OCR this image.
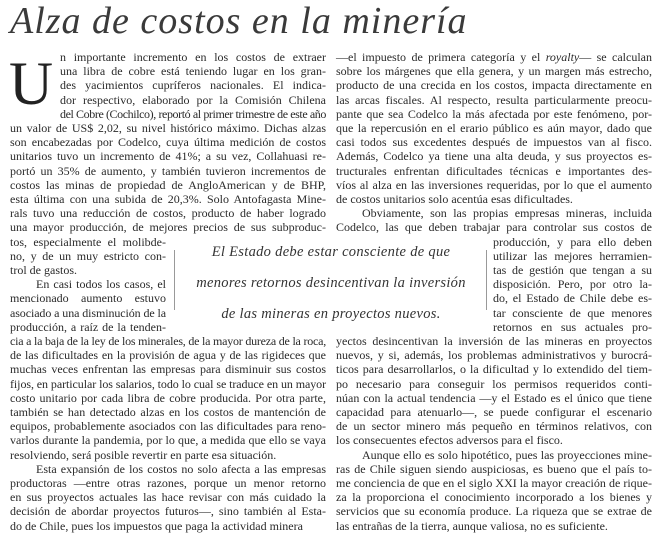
Alza de costos en la minería
U n importante incremento en los costos de extraer
una libra de cobre está teniendo lugar en los gran-
des yacimientos cupríferos nacionales. El indica-
dor respectivo, elaborado por la Comisión Chilena
del Cobre (Cochilco), reportó al primer trimestre de este año
un valor de US$ 2,02, su nivel histórico máximo. Dichas alzas
son encabezadas por Codelco, cuya última medición de costos
unitarios tuvo un incremento de 41%; a su vez, Collahuasi re-
portó un 35% de aumento, y también tuvieron incrementos de
costos las minas de propiedad de AngloAmerican y de BHP,
esta última con una subida de 20,3%. Solo Antofagasta Mine-
rals tuvo una reducción de costos, producto de haber logrado
una mayor producción, de mejores precios de sus subproduc-
tos, especialmente el molibde-
no, y de un muy estricto con-
trol de gastos.
En casi todos los casos, el
mencionado aumento estuvo
asociado a una disminución de la
producción, a raíz de la tenden-
cia a la baja de la ley de los minerales, de la mayor dureza de la roca,
de las dificultades en la provisión de agua y de las rigideces que
muchas veces enfrentan las empresas para disminuir sus costos
fijos, en particular los salarios, todo lo cual se traduce en un mayor
costo unitario por cada libra de cobre producida. Por otra parte,
también se han detectado alzas en los costos de mantención de
equipos, probablemente asociados con las dificultades para reno-
varlos durante la pandemia, por lo que, a medida que ello se vaya
resolviendo, será posible revertir en parte esa situación.
Esta expansión de los costos no solo afecta a las empresas
productoras —entre otras razones, porque un menor retorno
en sus proyectos actuales las hace revisar con más cuidado la
decisión de abordar proyectos futuros—, sino también al Esta-
do de Chile, pues los impuestos que paga la actividad minera
—el impuesto de primera categoría y el royalty— se calculan
sobre los márgenes que ella genera, y un margen más estrecho,
producto de una crecida en los costos, impacta directamente en
las arcas fiscales. Al respecto, resulta particularmente preocu-
pante que sea Codelco la más afectada por este fenómeno, por-
que la repercusión en el erario público es aún mayor, dado que
casi todos sus excedentes después de impuestos van al fisco.
Además, Codelco ya tiene una alta deuda, y sus proyectos es-
tructurales enfrentan dificultades técnicas e importantes des-
víos al alza en las inversiones requeridas, por lo que el aumento
de costos unitarios solo acentúa esas dificultades.
Obviamente, son las propias empresas mineras, incluida
Codelco, las que deben trabajar para controlar sus costos de
producción, y para ello deben
utilizar las mejores herramien-
tas de gestión que tengan a su
disposición. Pero, por otro la-
do, el Estado de Chile debe es-
tar consciente de que menores
retornos en sus actuales pro-
yectos desincentivan la inversión de las mineras en proyectos
nuevos, y si, además, los problemas administrativos y burocrá-
ticos para desarrollarlos, o la dificultad y lo extendido del tiem-
po necesario para conseguir los permisos requeridos conti-
núan con la actual tendencia —y el Estado es el único que tiene
capacidad para atenuarlo—, se puede configurar el escenario
de un sector minero más pequeño en términos relativos, con
los consecuentes efectos adversos para el fisco.
Aunque ello es solo hipotético, pues las proyecciones mine-
ras de Chile siguen siendo auspiciosas, es bueno que el país to-
me conciencia de que en el siglo XXI la mayor creación de rique-
za la proporciona el conocimiento incorporado a los bienes y
servicios que su economía produce. La riqueza que se extrae de
las entrañas de la tierra, aunque valiosa, no es suficiente.
El Estado debe estar consciente de que
menores retornos desincentivan la inversión
de las mineras en proyectos nuevos.
